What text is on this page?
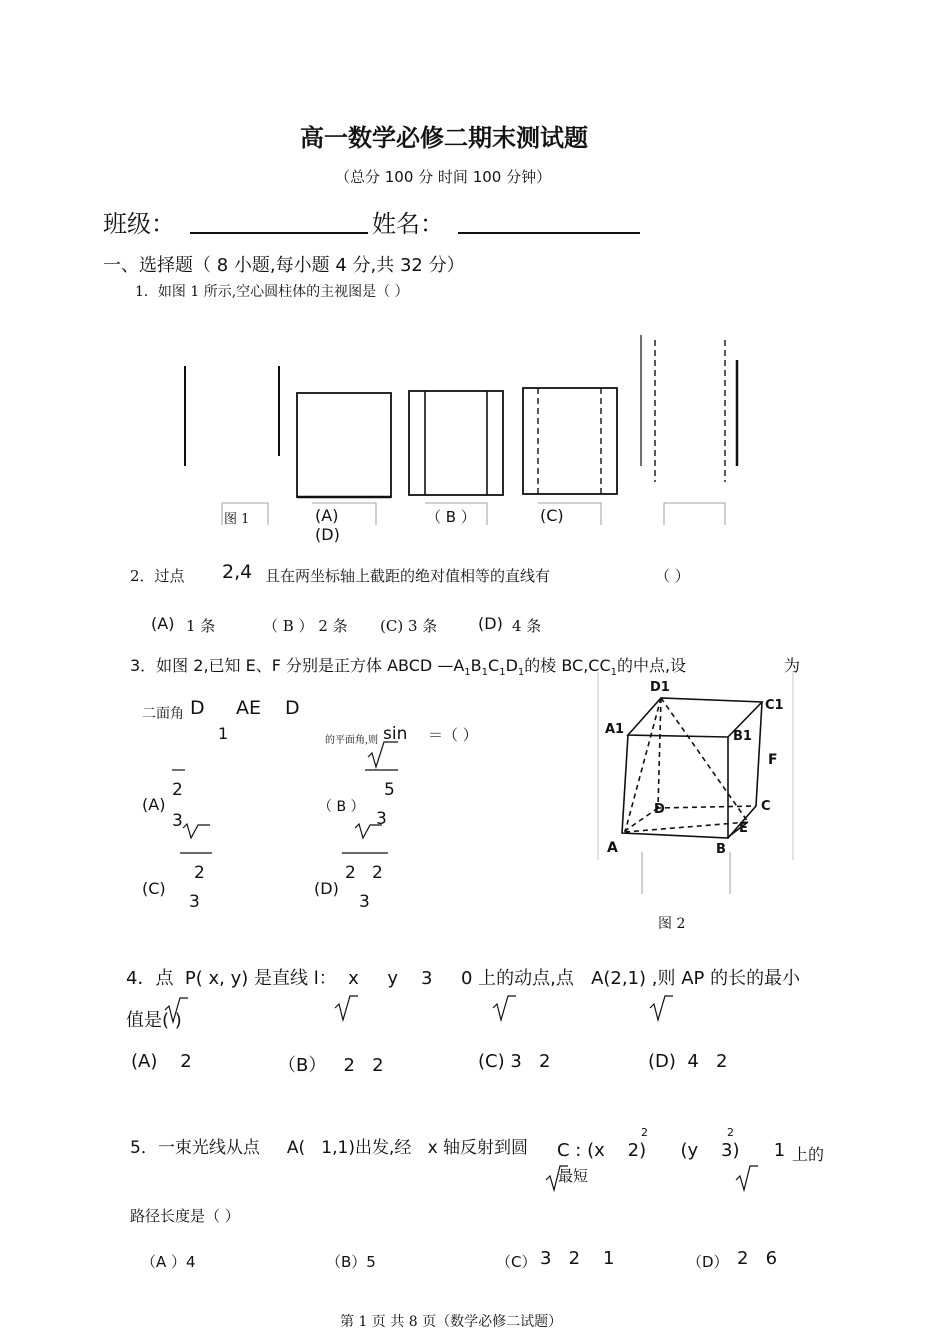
高一数学必修二期末测试题
（总分 100 分 时间 100 分钟）
班级：	姓名：
一、选择题（ 8 小题,每小题 4 分,共 32 分）
1．如图 1 所示,空心圆柱体的主视图是（ ）
图 1	(A)
(D)
（ B ）	(C)
2．过点 2,4 且在两坐标轴上截距的绝对值相等的直线有	（ ）
(A) 1 条	（ B ） 2 条 (C) 3 条	(D) 4 条
3．如图 2,已知 E、F 分别是正方体 ABCD $—A_1B_1C_1D_1$的棱 $BC,CC_1$的中点,设	为
二面角 D AE D
1	的平面角,则 sin ＝（ ）
(A)
2
3
（ B ）
5
3
(C)
2
3
(D)
2   2
3
D1
C1
A1	B1
F
D	C
E
A	B
图 2
4．点  P( x, y) 是直线 l：  x     y    3     0 上的动点,点   A(2,1) ,则 AP 的长的最小
值是( )
(A)    2	（B）   2   2	(C) 3   2	(D)  4   2
5．一束光线从点     A(   1,1)出发,经   x 轴反射到圆 C : (x    2)      (y    3)      1
2	2
上的
最短
路径长度是（ ）
（A ）4	（B）5	（C） 3   2    1	（D） 2   6
第 1 页 共 8 页（数学必修二试题）
